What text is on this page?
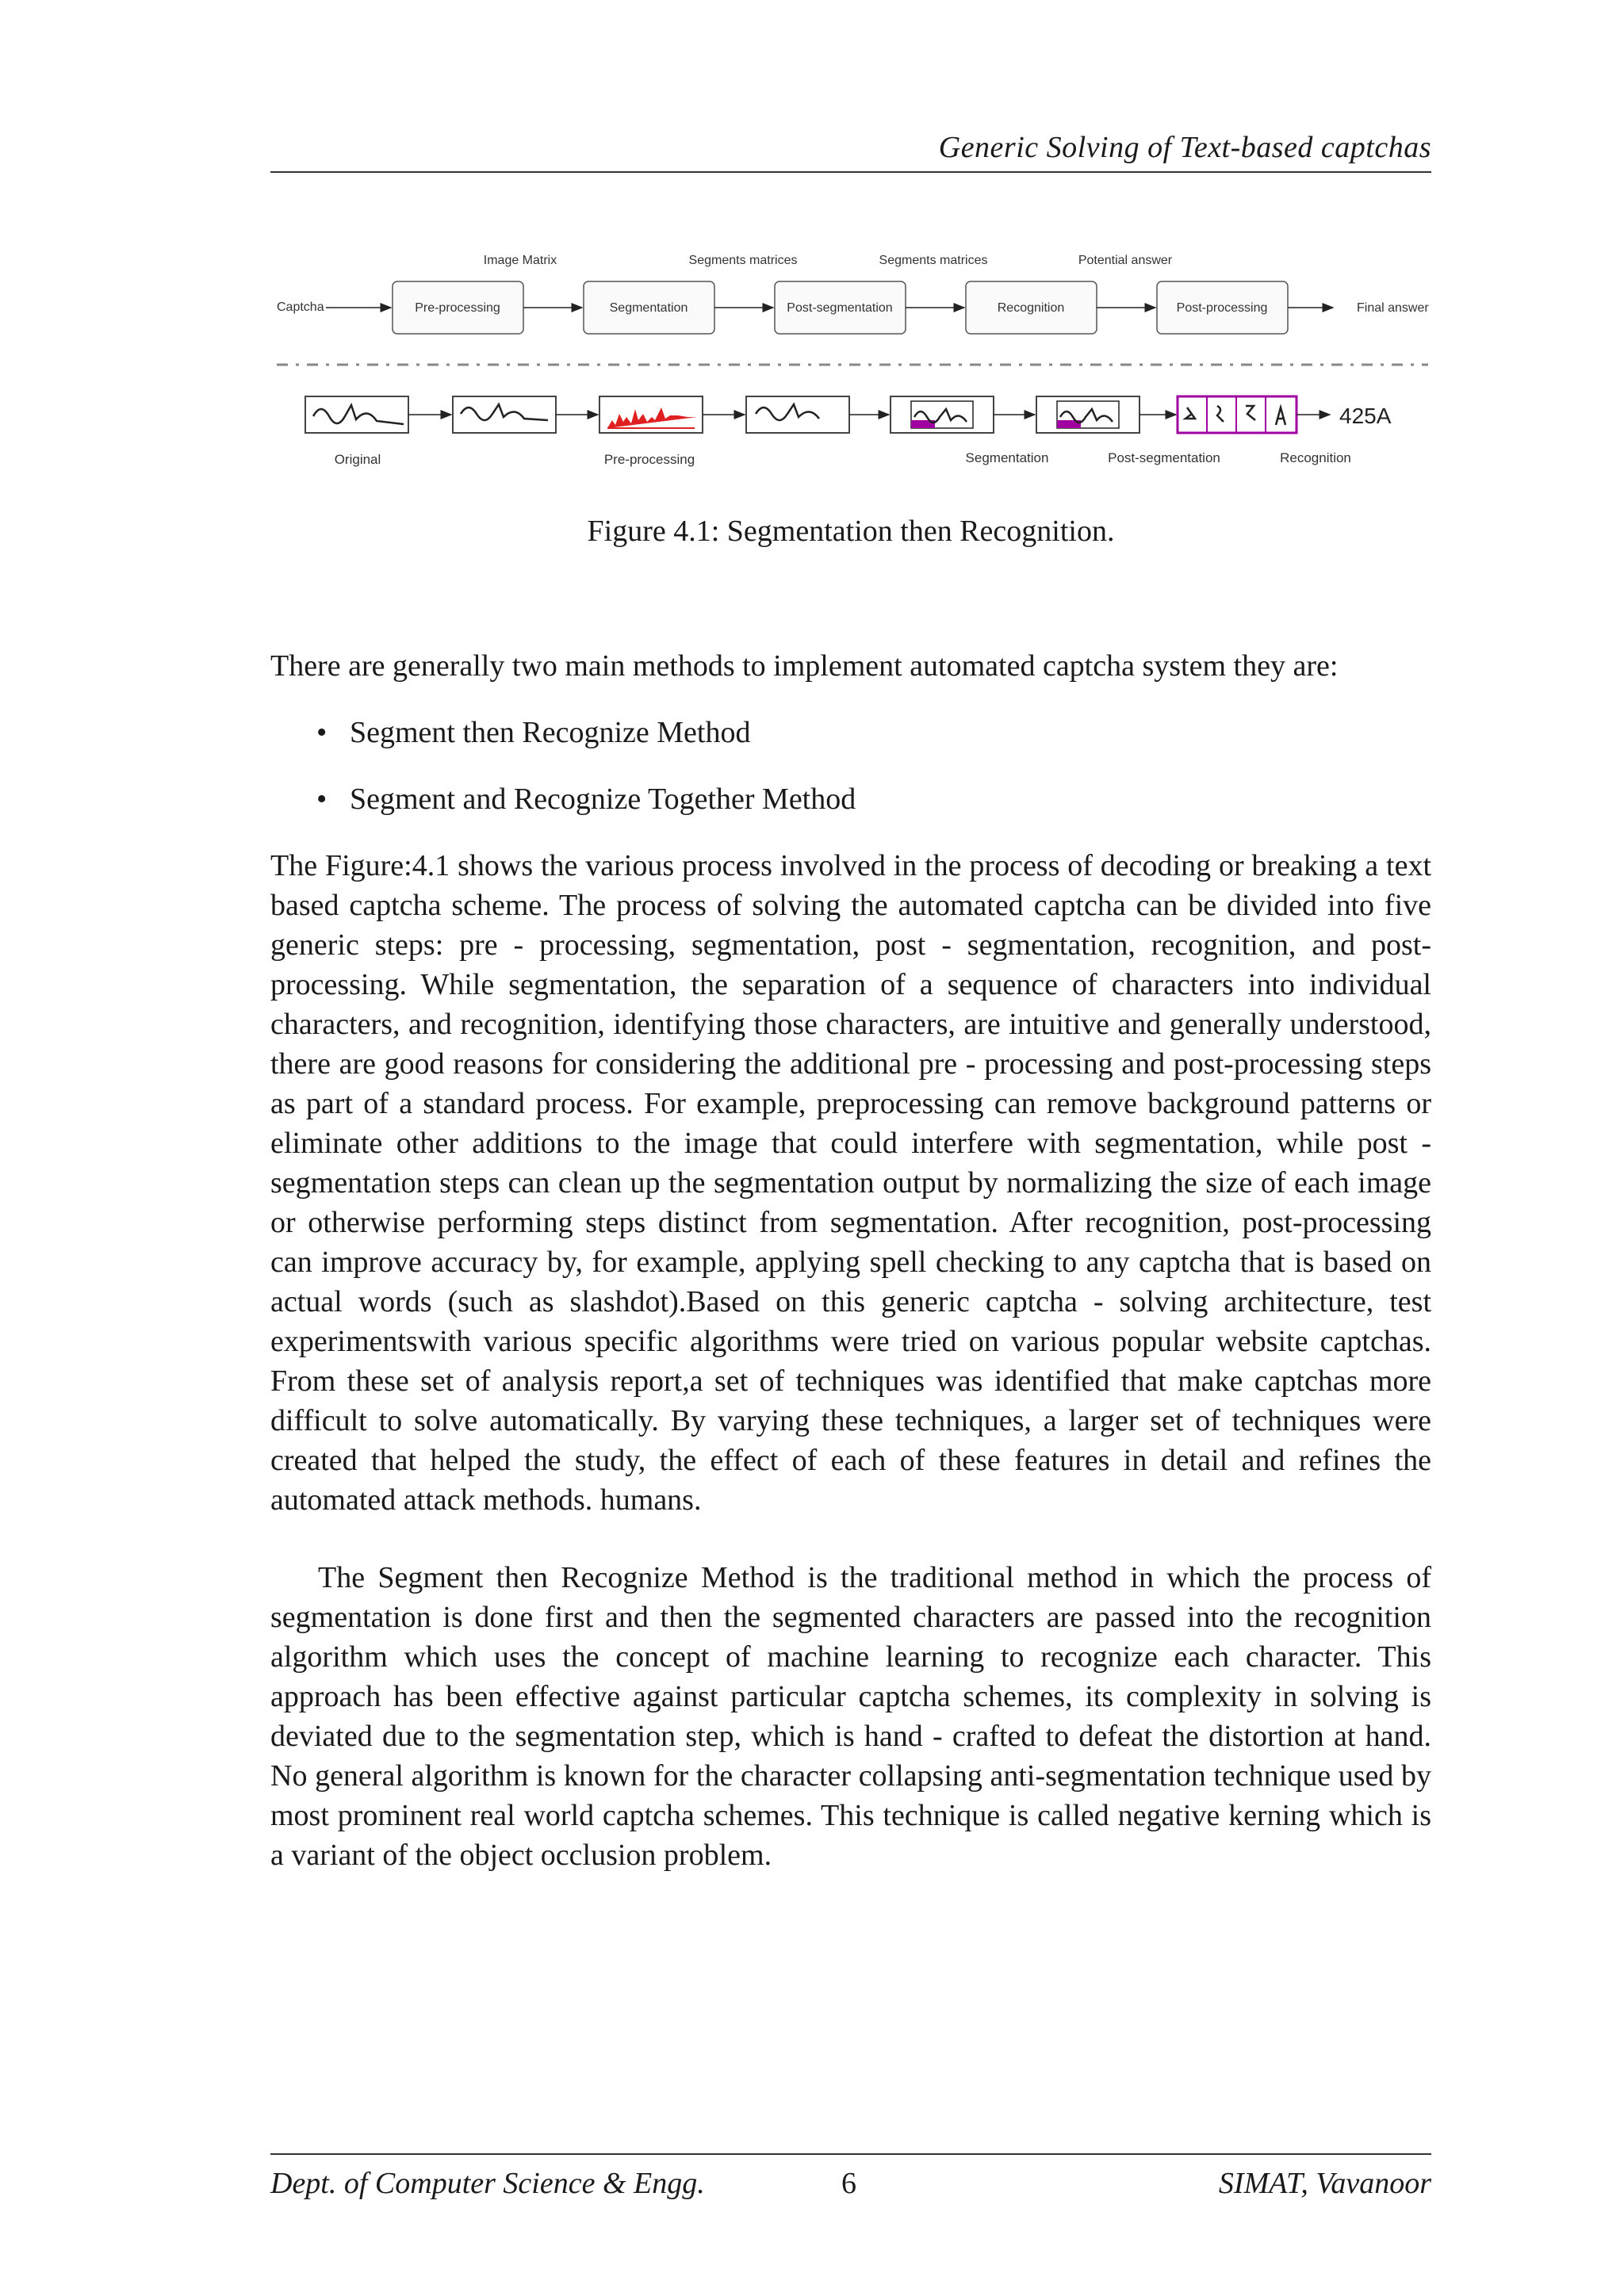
Generic Solving of Text-based captchas
Image Matrix	Segments matrices	Segments matrices	Potential answer
Captcha	Pre-processing	Segmentation	Post-segmentation	Recognition	Post-processing	Final answer
425A
Original	Pre-processing	Segmentation	Post-segmentation	Recognition
Figure 4.1: Segmentation then Recognition.

There are generally two main methods to implement automated captcha system they are:

• Segment then Recognize Method
• Segment and Recognize Together Method

The Figure:4.1 shows the various process involved in the process of decoding or breaking a text based captcha scheme. The process of solving the automated captcha can be divided into five generic steps: pre - processing, segmentation, post - segmentation, recognition, and post-processing. While segmentation, the separation of a sequence of characters into individual characters, and recognition, identifying those characters, are intuitive and generally understood, there are good reasons for considering the additional pre - processing and post-processing steps as part of a standard process. For example, preprocessing can remove background patterns or eliminate other additions to the image that could interfere with segmentation, while post - segmentation steps can clean up the segmentation output by normalizing the size of each image or otherwise performing steps distinct from segmentation. After recognition, post-processing can improve accuracy by, for example, applying spell checking to any captcha that is based on actual words (such as slashdot).Based on this generic captcha - solving architecture, test experimentswith various specific algorithms were tried on various popular website captchas. From these set of analysis report,a set of techniques was identified that make captchas more difficult to solve automatically. By varying these techniques, a larger set of techniques were created that helped the study, the effect of each of these features in detail and refines the automated attack methods. humans.

The Segment then Recognize Method is the traditional method in which the process of segmentation is done first and then the segmented characters are passed into the recognition algorithm which uses the concept of machine learning to recognize each character. This approach has been effective against particular captcha schemes, its complexity in solving is deviated due to the segmentation step, which is hand - crafted to defeat the distortion at hand. No general algorithm is known for the character collapsing anti-segmentation technique used by most prominent real world captcha schemes. This technique is called negative kerning which is a variant of the object occlusion problem.

Dept. of Computer Science & Engg.	6	SIMAT, Vavanoor
